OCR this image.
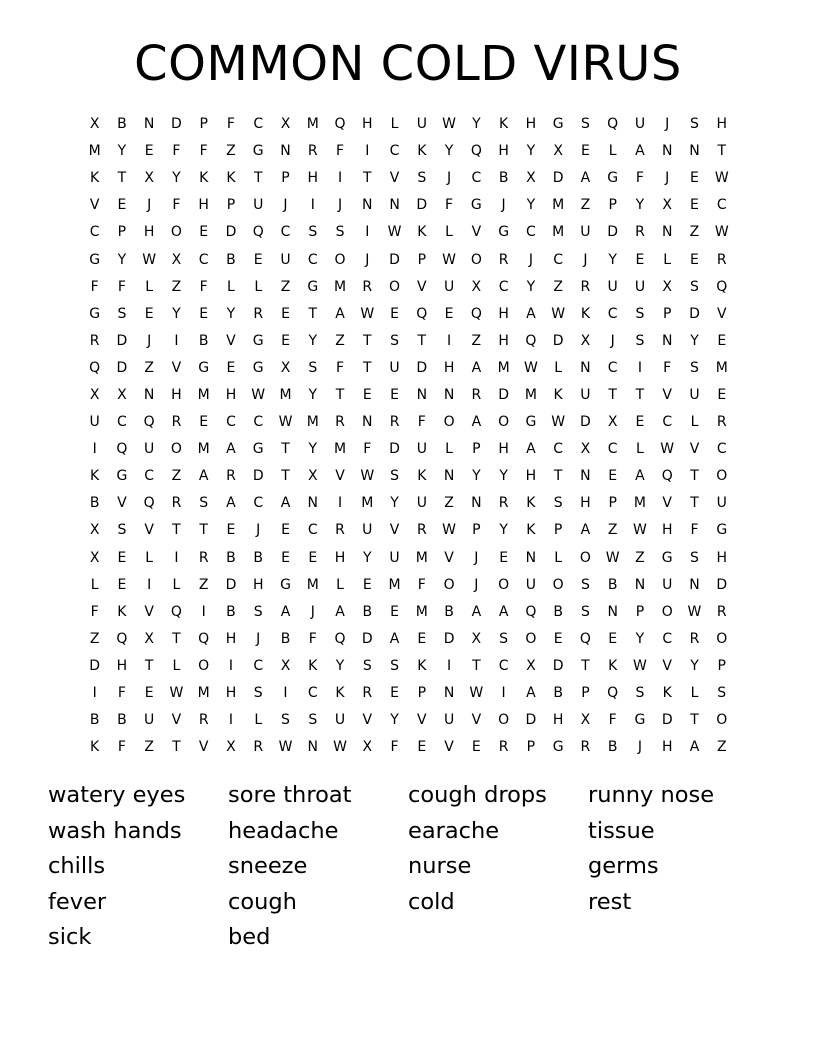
COMMON COLD VIRUS
X	B	N	D	P	F	C	X	M	Q	H	L	U	W	Y	K	H	G	S	Q	U	J	S	H
M	Y	E	F	F	Z	G	N	R	F	I	C	K	Y	Q	H	Y	X	E	L	A	N	N	T
K	T	X	Y	K	K	T	P	H	I	T	V	S	J	C	B	X	D	A	G	F	J	E	W
V	E	J	F	H	P	U	J	I	J	N	N	D	F	G	J	Y	M	Z	P	Y	X	E	C
C	P	H	O	E	D	Q	C	S	S	I	W	K	L	V	G	C	M	U	D	R	N	Z	W
G	Y	W	X	C	B	E	U	C	O	J	D	P	W	O	R	J	C	J	Y	E	L	E	R
F	F	L	Z	F	L	L	Z	G	M	R	O	V	U	X	C	Y	Z	R	U	U	X	S	Q
G	S	E	Y	E	Y	R	E	T	A	W	E	Q	E	Q	H	A	W	K	C	S	P	D	V
R	D	J	I	B	V	G	E	Y	Z	T	S	T	I	Z	H	Q	D	X	J	S	N	Y	E
Q	D	Z	V	G	E	G	X	S	F	T	U	D	H	A	M	W	L	N	C	I	F	S	M
X	X	N	H	M	H	W	M	Y	T	E	E	N	N	R	D	M	K	U	T	T	V	U	E
U	C	Q	R	E	C	C	W	M	R	N	R	F	O	A	O	G	W	D	X	E	C	L	R
I	Q	U	O	M	A	G	T	Y	M	F	D	U	L	P	H	A	C	X	C	L	W	V	C
K	G	C	Z	A	R	D	T	X	V	W	S	K	N	Y	Y	H	T	N	E	A	Q	T	O
B	V	Q	R	S	A	C	A	N	I	M	Y	U	Z	N	R	K	S	H	P	M	V	T	U
X	S	V	T	T	E	J	E	C	R	U	V	R	W	P	Y	K	P	A	Z	W	H	F	G
X	E	L	I	R	B	B	E	E	H	Y	U	M	V	J	E	N	L	O	W	Z	G	S	H
L	E	I	L	Z	D	H	G	M	L	E	M	F	O	J	O	U	O	S	B	N	U	N	D
F	K	V	Q	I	B	S	A	J	A	B	E	M	B	A	A	Q	B	S	N	P	O	W	R
Z	Q	X	T	Q	H	J	B	F	Q	D	A	E	D	X	S	O	E	Q	E	Y	C	R	O
D	H	T	L	O	I	C	X	K	Y	S	S	K	I	T	C	X	D	T	K	W	V	Y	P
I	F	E	W	M	H	S	I	C	K	R	E	P	N	W	I	A	B	P	Q	S	K	L	S
B	B	U	V	R	I	L	S	S	U	V	Y	V	U	V	O	D	H	X	F	G	D	T	O
K	F	Z	T	V	X	R	W	N	W	X	F	E	V	E	R	P	G	R	B	J	H	A	Z
watery eyes	sore throat	cough drops	runny nose
wash hands	headache	earache	tissue
chills	sneeze	nurse	germs
fever	cough	cold	rest
sick	bed
